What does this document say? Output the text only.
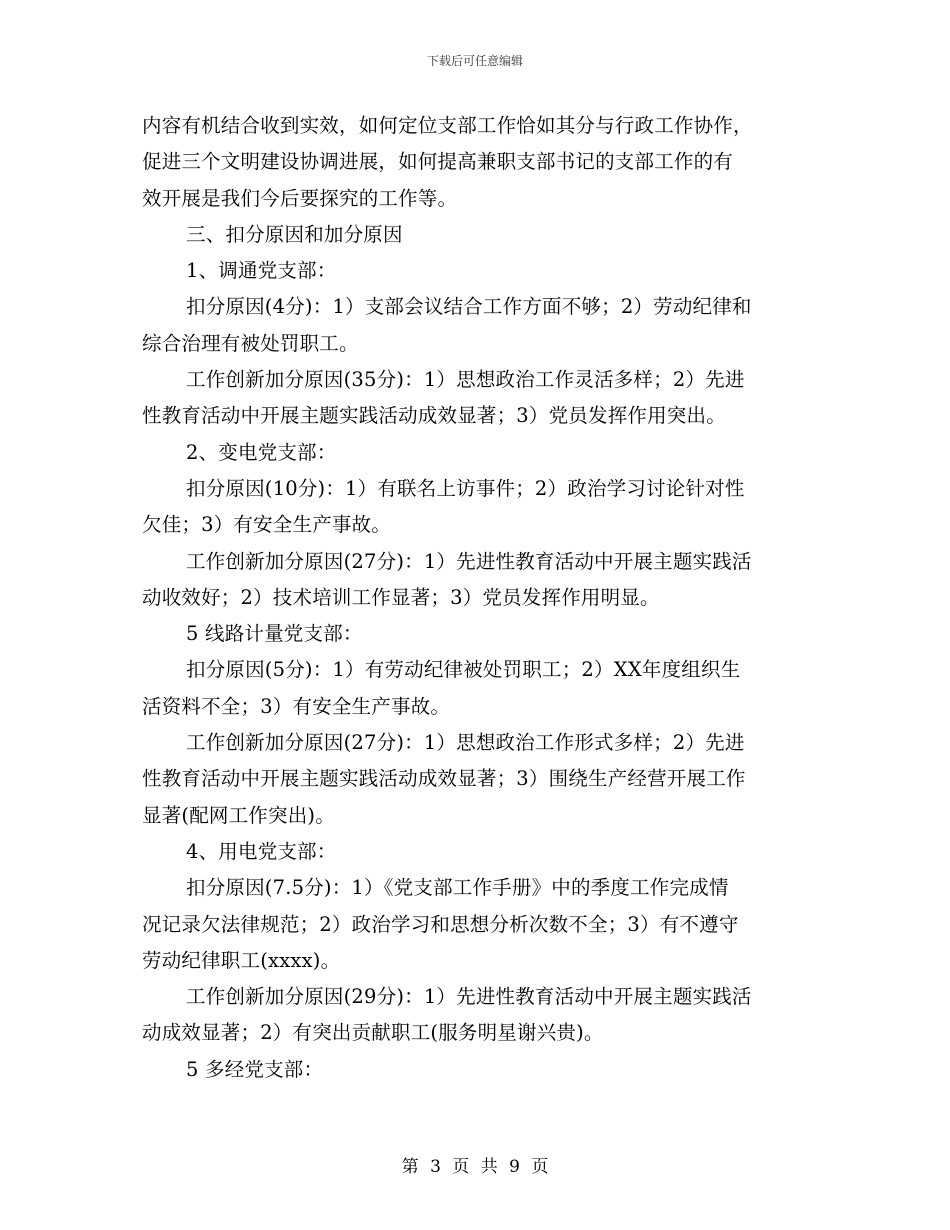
下载后可任意编辑
内容有机结合收到实效，如何定位支部工作恰如其分与行政工作协作，
促进三个文明建设协调进展，如何提高兼职支部书记的支部工作的有
效开展是我们今后要探究的工作等。
三、扣分原因和加分原因
1、调通党支部：
扣分原因(4分)：1）支部会议结合工作方面不够；2）劳动纪律和
综合治理有被处罚职工。
工作创新加分原因(35分)：1）思想政治工作灵活多样；2）先进
性教育活动中开展主题实践活动成效显著；3）党员发挥作用突出。
2、变电党支部：
扣分原因(10分)：1）有联名上访事件；2）政治学习讨论针对性
欠佳；3）有安全生产事故。
工作创新加分原因(27分)：1）先进性教育活动中开展主题实践活
动收效好；2）技术培训工作显著；3）党员发挥作用明显。
5 线路计量党支部：
扣分原因(5分)：1）有劳动纪律被处罚职工；2）XX年度组织生
活资料不全；3）有安全生产事故。
工作创新加分原因(27分)：1）思想政治工作形式多样；2）先进
性教育活动中开展主题实践活动成效显著；3）围绕生产经营开展工作
显著(配网工作突出)。
4、用电党支部：
扣分原因(7.5分)：1）《党支部工作手册》中的季度工作完成情
况记录欠法律规范；2）政治学习和思想分析次数不全；3）有不遵守
劳动纪律职工(xxxx)。
工作创新加分原因(29分)：1）先进性教育活动中开展主题实践活
动成效显著；2）有突出贡献职工(服务明星谢兴贵)。
5 多经党支部：
第 3 页 共 9 页
